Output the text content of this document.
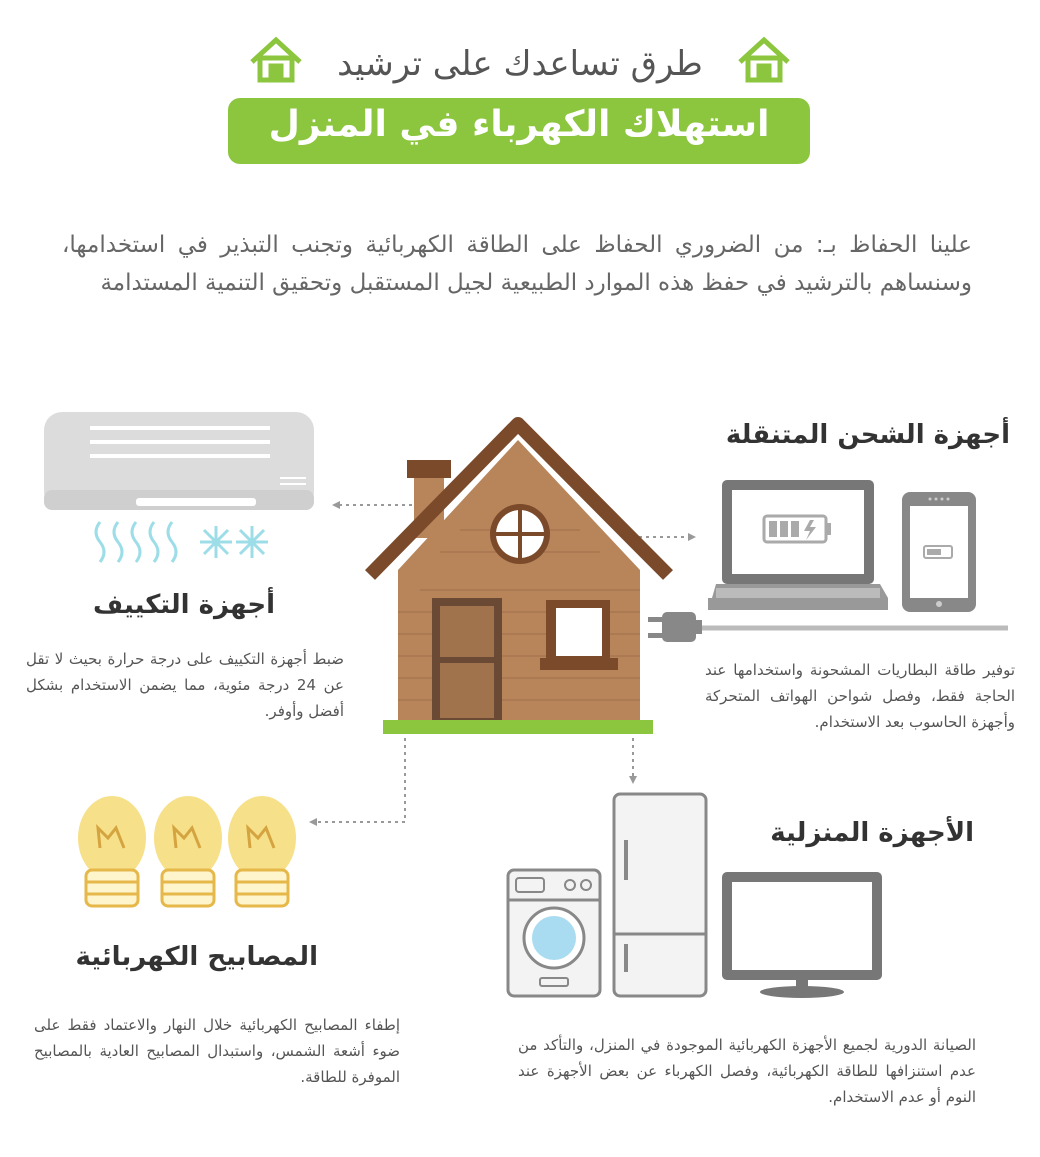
طرق تساعدك على ترشيد
استهلاك الكهرباء في المنزل
علينا الحفاظ بـ: من الضروري الحفاظ على الطاقة الكهربائية وتجنب التبذير في استخدامها، وسنساهم بالترشيد في حفظ هذه الموارد الطبيعية لجيل المستقبل وتحقيق التنمية المستدامة
أجهزة الشحن المتنقلة
توفير طاقة البطاريات المشحونة واستخدامها عند الحاجة فقط، وفصل شواحن الهواتف المتحركة وأجهزة الحاسوب بعد الاستخدام.
أجهزة التكييف
ضبط أجهزة التكييف على درجة حرارة بحيث لا تقل عن 24 درجة مئوية، مما يضمن الاستخدام بشكل أفضل وأوفر.
الأجهزة المنزلية
الصيانة الدورية لجميع الأجهزة الكهربائية الموجودة في المنزل، والتأكد من عدم استنزافها للطاقة الكهربائية، وفصل الكهرباء عن بعض الأجهزة عند النوم أو عدم الاستخدام.
المصابيح الكهربائية
إطفاء المصابيح الكهربائية خلال النهار والاعتماد فقط على ضوء أشعة الشمس، واستبدال المصابيح العادية بالمصابيح الموفرة للطاقة.
